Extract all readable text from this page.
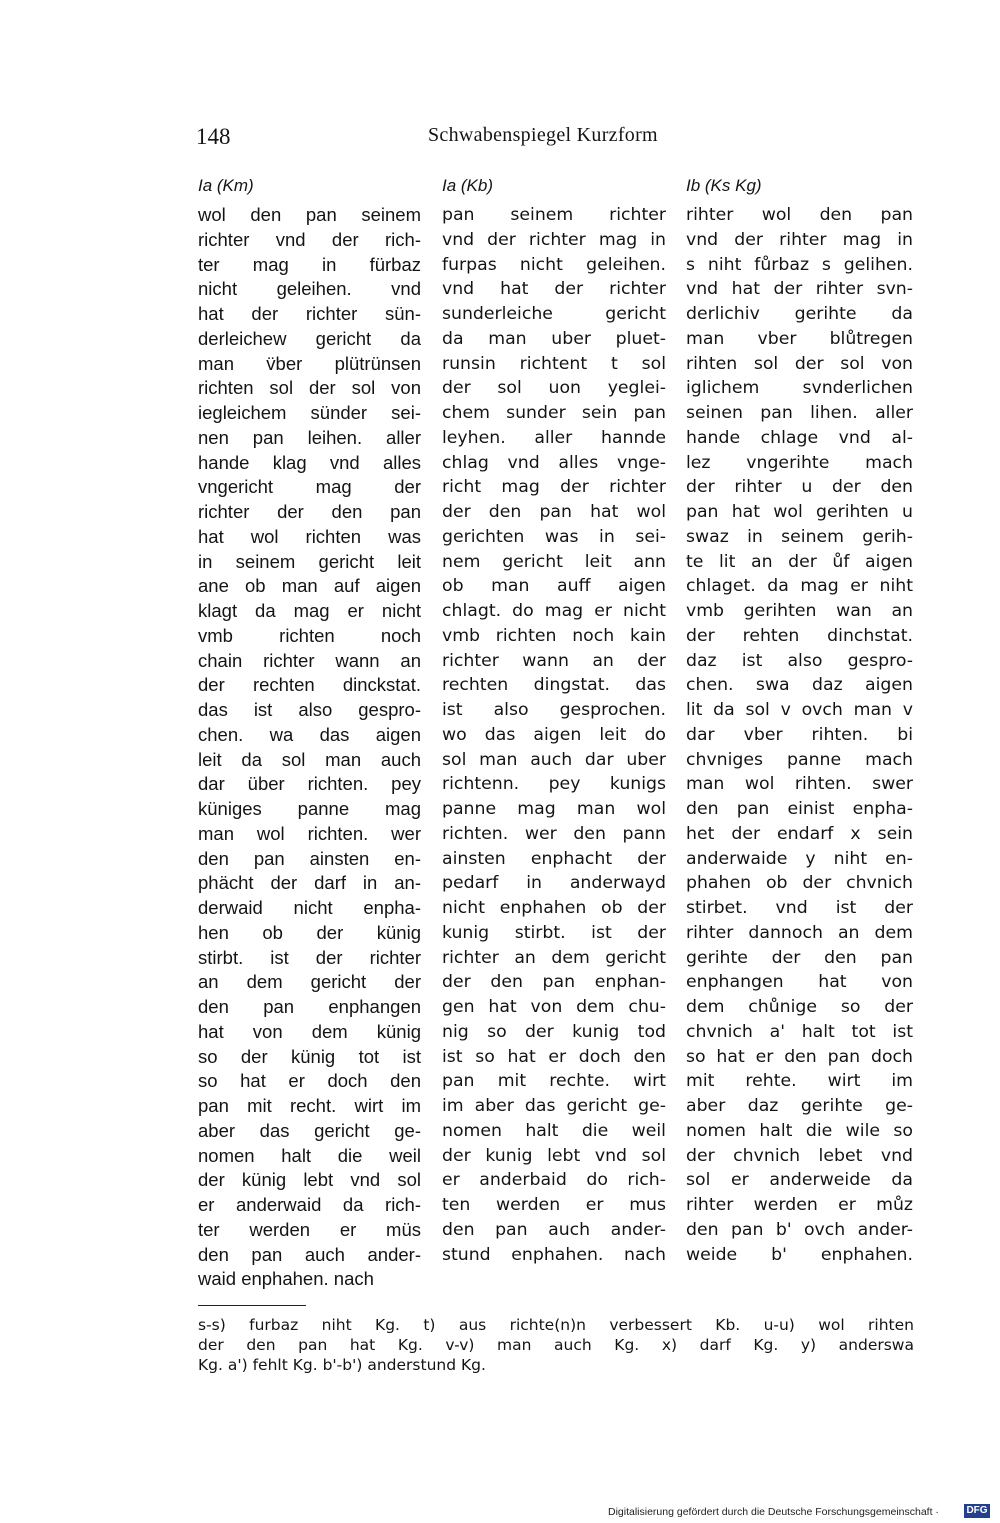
148	Schwabenspiegel Kurzform
Ia (Km)	Ia (Kb)	Ib (Ks Kg)
wol den pan seinem
richter vnd der rich-
ter mag in fürbaz
nicht geleihen. vnd
hat der richter sün-
derleichew gericht da
man v̈ber plütrünsen
richten sol der sol von
iegleichem sünder sei-
nen pan leihen. aller
hande klag vnd alles
vngericht mag der
richter der den pan
hat wol richten was
in seinem gericht leit
ane ob man auf aigen
klagt da mag er nicht
vmb richten noch
chain richter wann an
der rechten dinckstat.
das ist also gespro-
chen. wa das aigen
leit da sol man auch
dar über richten. pey
küniges panne mag
man wol richten. wer
den pan ainsten en-
phächt der darf in an-
derwaid nicht enpha-
hen ob der künig
stirbt. ist der richter
an dem gericht der
den pan enphangen
hat von dem künig
so der künig tot ist
so hat er doch den
pan mit recht. wirt im
aber das gericht ge-
nomen halt die weil
der künig lebt vnd sol
er anderwaid da rich-
ter werden er müs
den pan auch ander-
waid enphahen. nach
pan seinem richter
vnd der richter mag in
furpas nicht geleihen.
vnd hat der richter
sunderleiche gericht
da man uber pluet-
runsin richtent t sol
der sol uon yeglei-
chem sunder sein pan
leyhen. aller hannde
chlag vnd alles vnge-
richt mag der richter
der den pan hat wol
gerichten was in sei-
nem gericht leit ann
ob man auff aigen
chlagt. do mag er nicht
vmb richten noch kain
richter wann an der
rechten dingstat. das
ist also gesprochen.
wo das aigen leit do
sol man auch dar uber
richtenn. pey kunigs
panne mag man wol
richten. wer den pann
ainsten enphacht der
pedarf in anderwayd
nicht enphahen ob der
kunig stirbt. ist der
richter an dem gericht
der den pan enphan-
gen hat von dem chu-
nig so der kunig tod
ist so hat er doch den
pan mit rechte. wirt
im aber das gericht ge-
nomen halt die weil
der kunig lebt vnd sol
er anderbaid do rich-
ten werden er mus
den pan auch ander-
stund enphahen. nach
rihter wol den pan
vnd der rihter mag in
s niht fůrbaz s gelihen.
vnd hat der rihter svn-
derlichiv gerihte da
man vber blůtregen
rihten sol der sol von
iglichem svnderlichen
seinen pan lihen. aller
hande chlage vnd al-
lez vngerihte mach
der rihter u der den
pan hat wol gerihten u
swaz in seinem gerih-
te lit an der ůf aigen
chlaget. da mag er niht
vmb gerihten wan an
der rehten dinchstat.
daz ist also gespro-
chen. swa daz aigen
lit da sol v ovch man v
dar vber rihten. bi
chvniges panne mach
man wol rihten. swer
den pan einist enpha-
het der endarf x sein
anderwaide y niht en-
phahen ob der chvnich
stirbet. vnd ist der
rihter dannoch an dem
gerihte der den pan
enphangen hat von
dem chůnige so der
chvnich a' halt tot ist
so hat er den pan doch
mit rehte. wirt im
aber daz gerihte ge-
nomen halt die wile so
der chvnich lebet vnd
sol er anderweide da
rihter werden er můz
den pan b' ovch ander-
weide b' enphahen.
s-s) furbaz niht Kg. t) aus richte(n)n verbessert Kb. u-u) wol rihten
der den pan hat Kg. v-v) man auch Kg. x) darf Kg. y) anderswa
Kg. a') fehlt Kg. b'-b') anderstund Kg.
Digitalisierung gefördert durch die Deutsche Forschungsgemeinschaft ·	DFG
